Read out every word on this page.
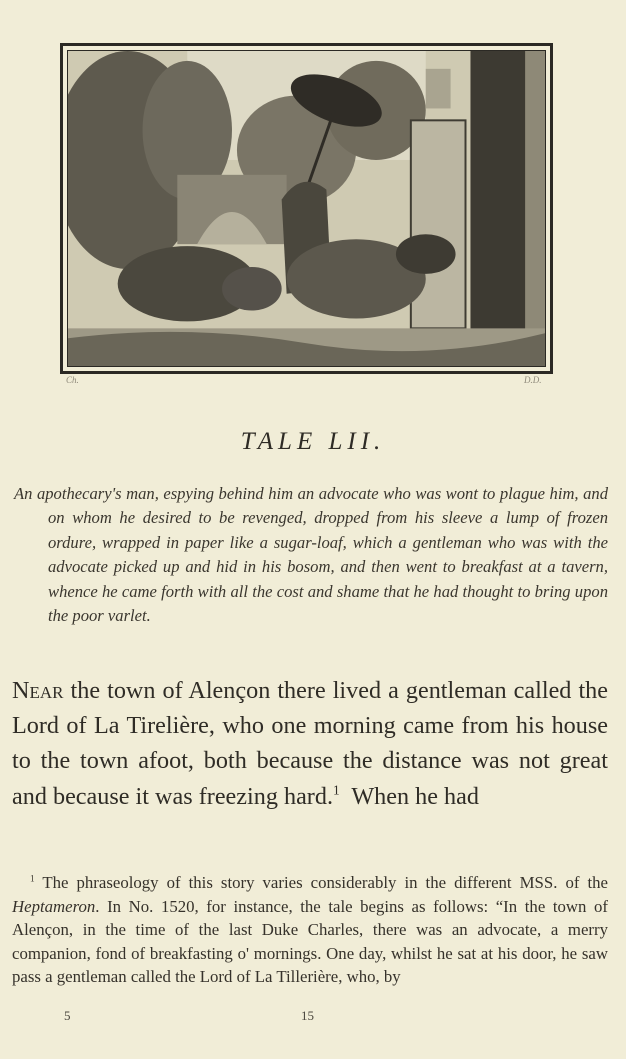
Ch.	D.D.
TALE LII.
An apothecary's man, espying behind him an advocate who was wont to plague him, and on whom he desired to be revenged, dropped from his sleeve a lump of frozen ordure, wrapped in paper like a sugar-loaf, which a gentleman who was with the advocate picked up and hid in his bosom, and then went to breakfast at a tavern, whence he came forth with all the cost and shame that he had thought to bring upon the poor varlet.
Near the town of Alençon there lived a gentleman called the Lord of La Tirelière, who one morning came from his house to the town afoot, both because the distance was not great and because it was freezing hard.$^1$  When he had
$^1$ The phraseology of this story varies considerably in the different MSS. of the Heptameron. In No. 1520, for instance, the tale begins as follows: “In the town of Alençon, in the time of the last Duke Charles, there was an advocate, a merry companion, fond of breakfasting o' mornings. One day, whilst he sat at his door, he saw pass a gentleman called the Lord of La Tillerière, who, by
5	15
